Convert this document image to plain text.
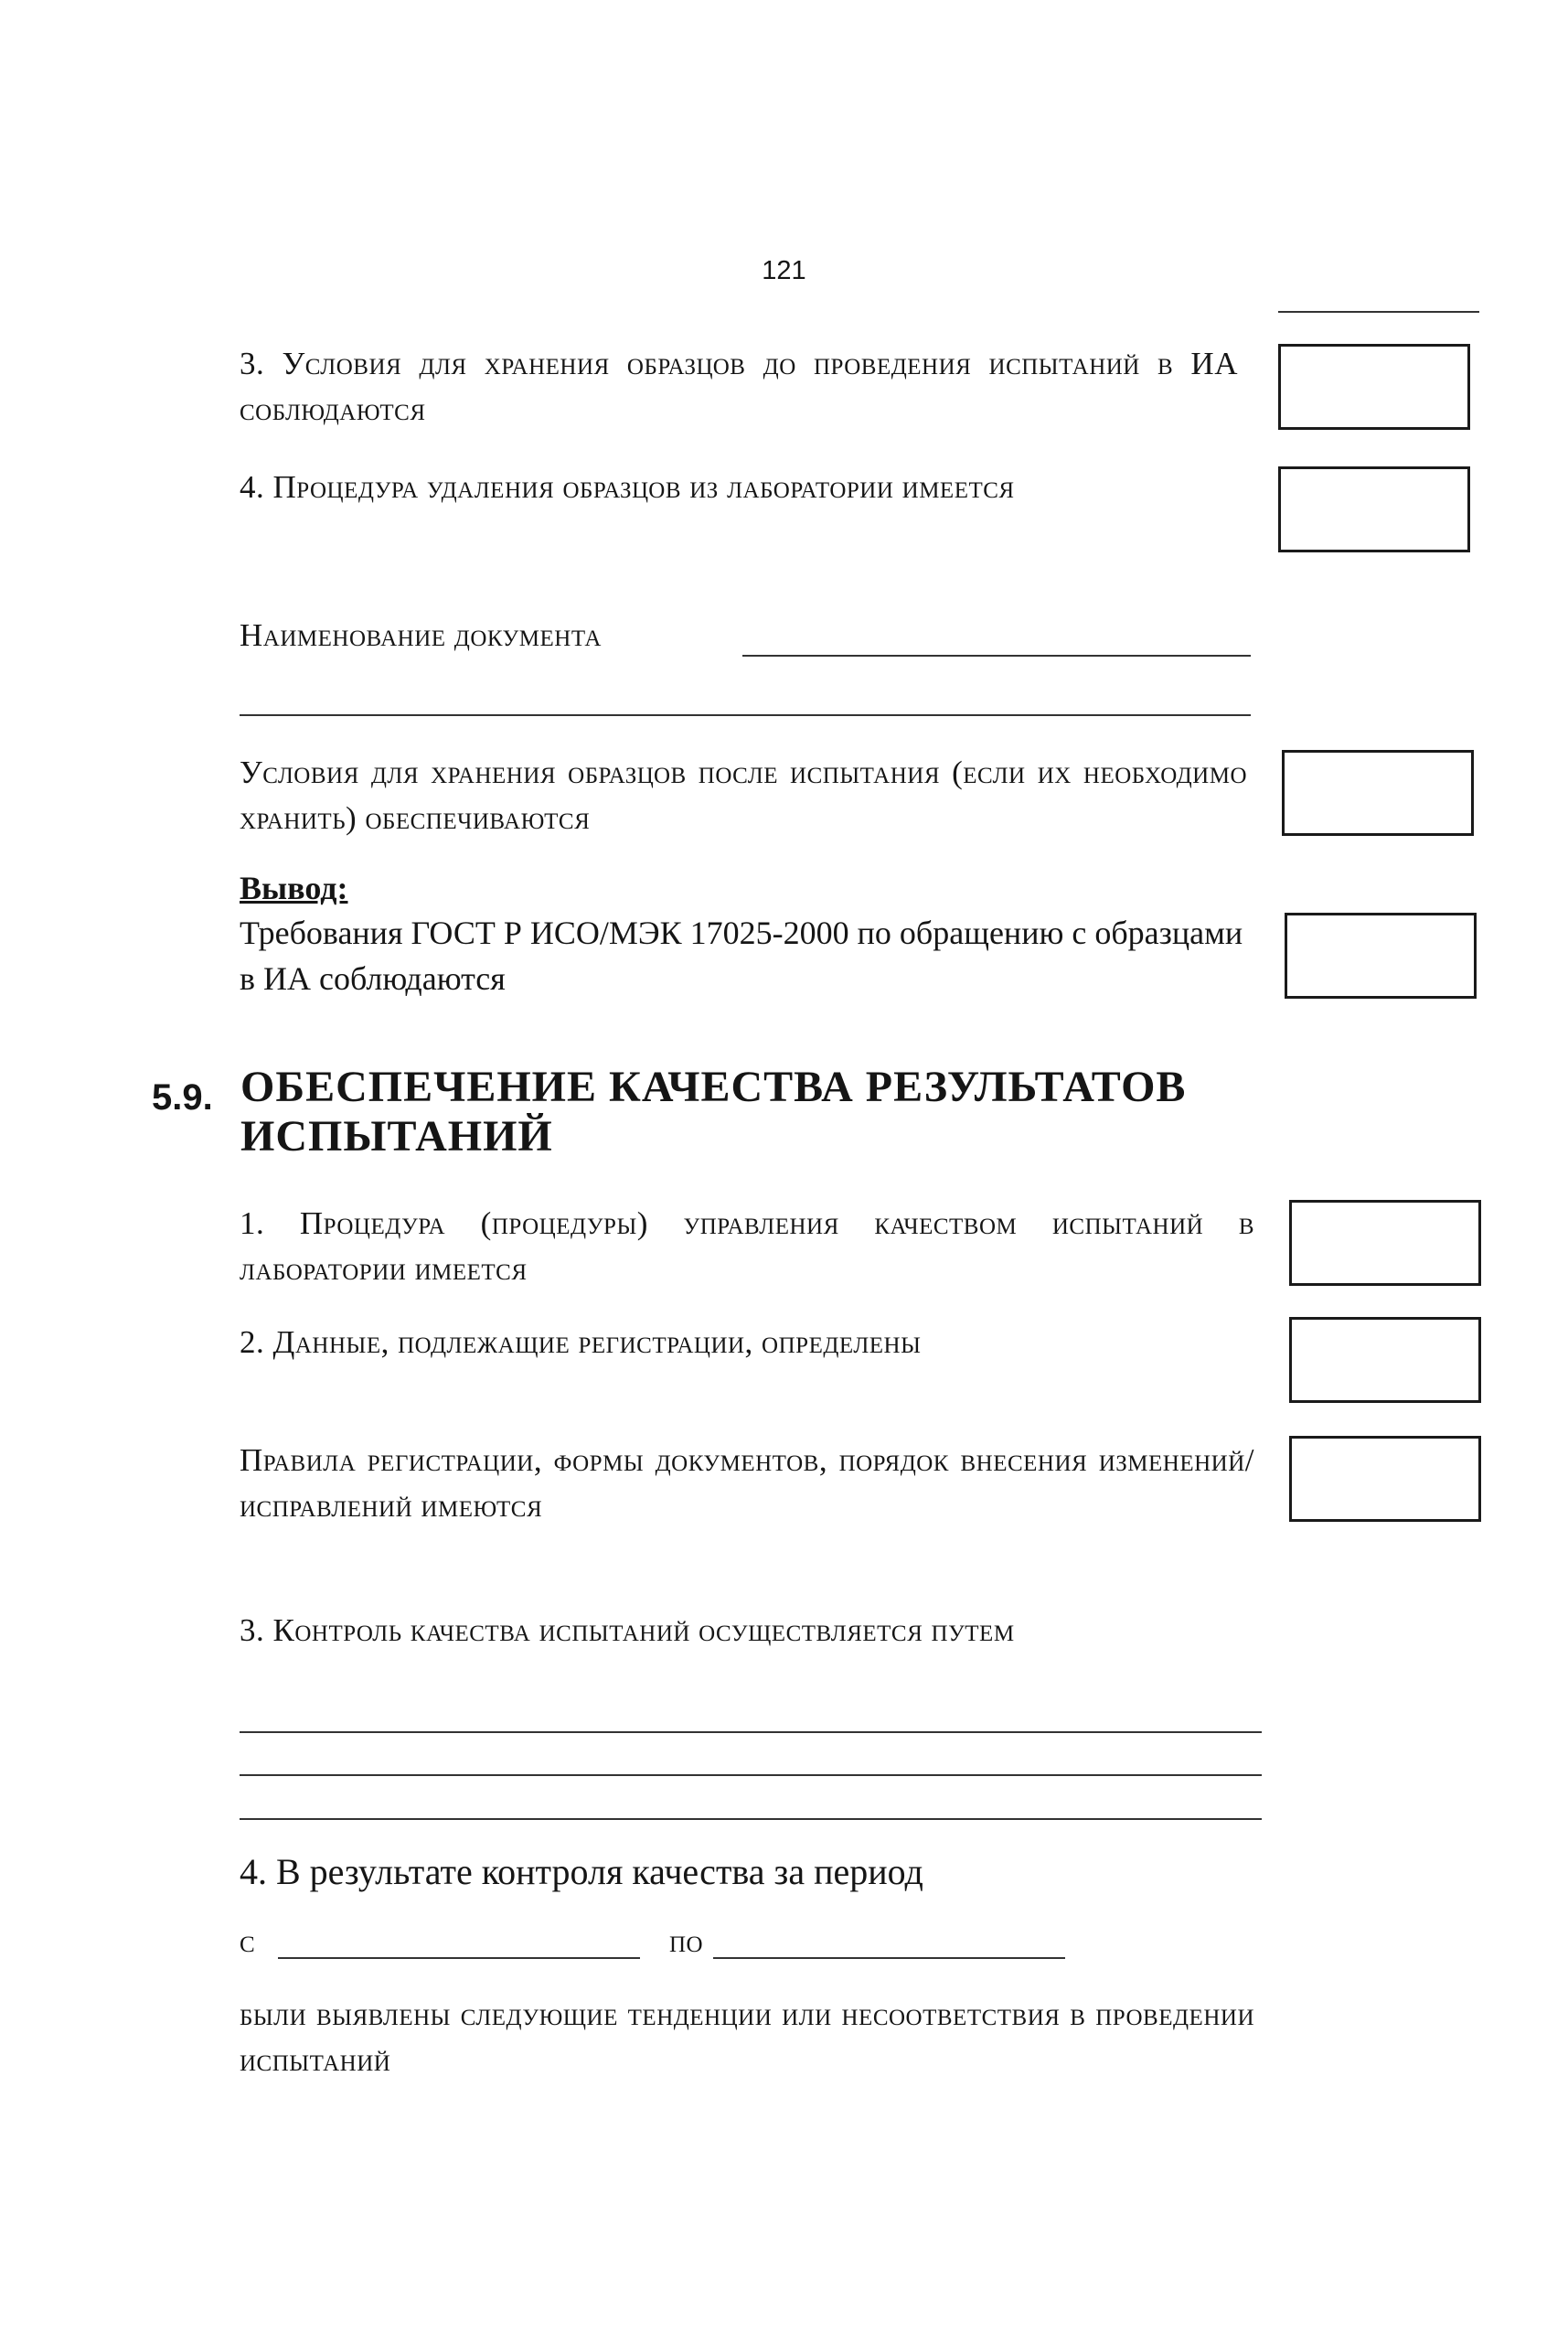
121
3. Условия для хранения образцов до проведения испытаний в ИА соблюдаются
4. Процедура удаления образцов из лаборатории имеется
Наименование документа
Условия для хранения образцов после испытания (если их необходимо хранить) обеспечиваются
Вывод:
Требования ГОСТ Р ИСО/МЭК 17025-2000 по обращению с образцами в ИА соблюдаются
5.9. ОБЕСПЕЧЕНИЕ КАЧЕСТВА РЕЗУЛЬТАТОВ ИСПЫТАНИЙ
1. Процедура (процедуры) управления качеством испытаний в лаборатории имеется
2. Данные, подлежащие регистрации, определены
Правила регистрации, формы документов, порядок внесения изменений/исправлений имеются
3. Контроль качества испытаний осуществляется путем
4. В результате контроля качества за период
с	по
были выявлены следующие тенденции или несоответствия в проведении испытаний
